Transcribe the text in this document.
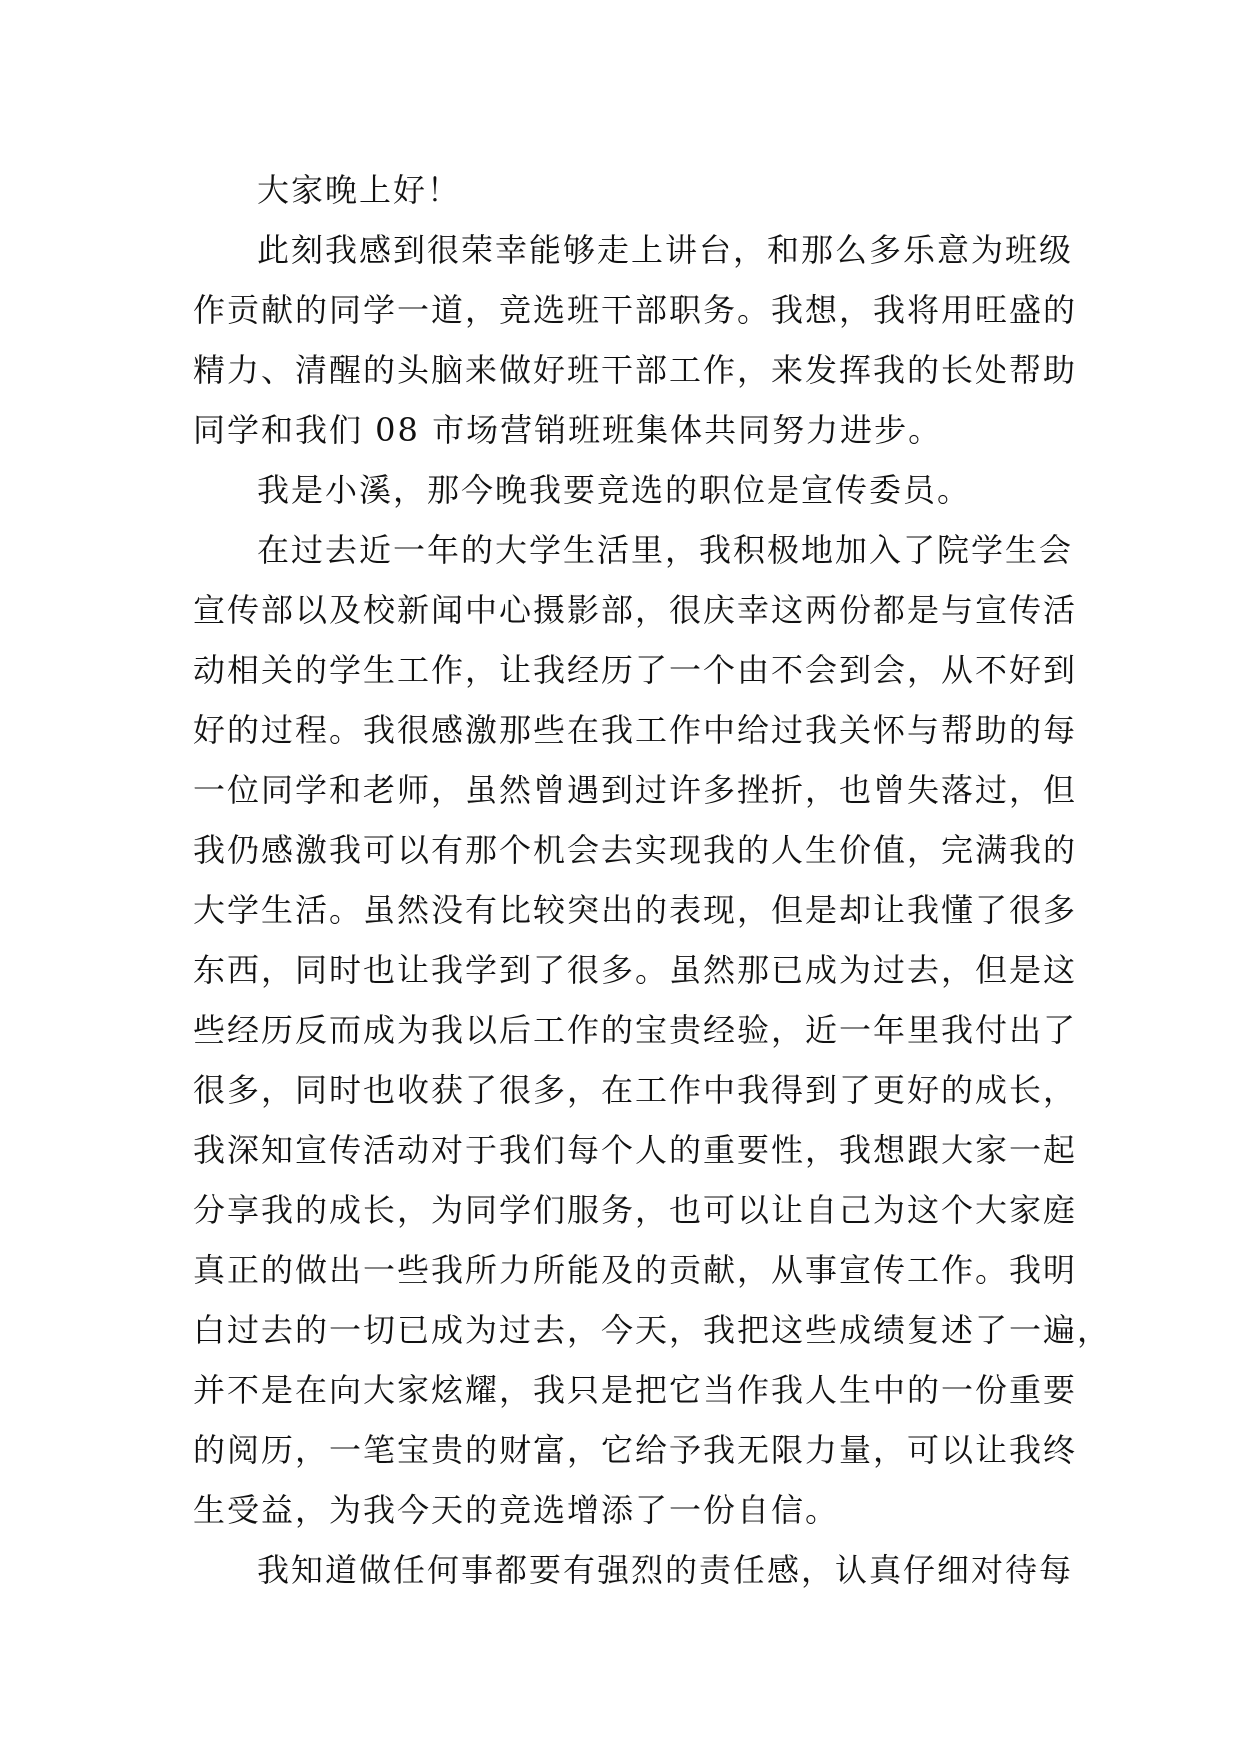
大家晚上好！
此刻我感到很荣幸能够走上讲台，和那么多乐意为班级
作贡献的同学一道，竞选班干部职务。我想，我将用旺盛的
精力、清醒的头脑来做好班干部工作，来发挥我的长处帮助
同学和我们 08 市场营销班班集体共同努力进步。
我是小溪，那今晚我要竞选的职位是宣传委员。
在过去近一年的大学生活里，我积极地加入了院学生会
宣传部以及校新闻中心摄影部，很庆幸这两份都是与宣传活
动相关的学生工作，让我经历了一个由不会到会，从不好到
好的过程。我很感激那些在我工作中给过我关怀与帮助的每
一位同学和老师，虽然曾遇到过许多挫折，也曾失落过，但
我仍感激我可以有那个机会去实现我的人生价值，完满我的
大学生活。虽然没有比较突出的表现，但是却让我懂了很多
东西，同时也让我学到了很多。虽然那已成为过去，但是这
些经历反而成为我以后工作的宝贵经验，近一年里我付出了
很多，同时也收获了很多，在工作中我得到了更好的成长，
我深知宣传活动对于我们每个人的重要性，我想跟大家一起
分享我的成长，为同学们服务，也可以让自己为这个大家庭
真正的做出一些我所力所能及的贡献，从事宣传工作。我明
白过去的一切已成为过去，今天，我把这些成绩复述了一遍，
并不是在向大家炫耀，我只是把它当作我人生中的一份重要
的阅历，一笔宝贵的财富，它给予我无限力量，可以让我终
生受益，为我今天的竞选增添了一份自信。
我知道做任何事都要有强烈的责任感，认真仔细对待每
